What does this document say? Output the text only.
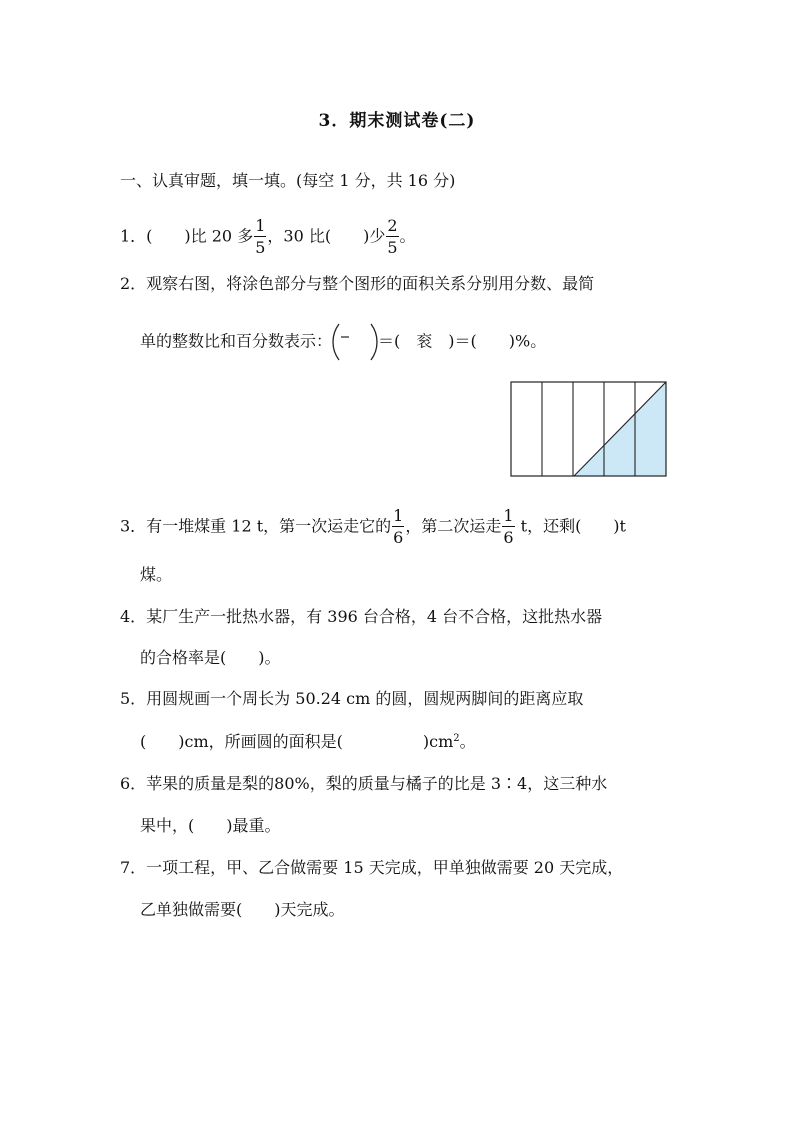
3．期末测试卷(二)
一、认真审题，填一填。(每空 1 分，共 16 分)
1．(　　)比 20 多 $\frac{1}{5}$ ，30 比(　　)少 $\frac{2}{5}$ 。
2．观察右图，将涂色部分与整个图形的面积关系分别用分数、最简
单的整数比和百分数表示：	＝(　衮　)＝(　　)%。
3．有一堆煤重 12 t，第一次运走它的 $\frac{1}{6}$ ，第二次运走 $\frac{1}{6}$ t，还剩(　　)t
煤。
4．某厂生产一批热水器，有 396 台合格，4 台不合格，这批热水器
的合格率是(　　)。
5．用圆规画一个周长为 50.24 cm 的圆，圆规两脚间的距离应取
(　　)cm，所画圆的面积是(　　　　　)$cm^2$。
6．苹果的质量是梨的80%，梨的质量与橘子的比是 3∶4，这三种水
果中，(　　)最重。
7．一项工程，甲、乙合做需要 15 天完成，甲单独做需要 20 天完成，
乙单独做需要(　　)天完成。
